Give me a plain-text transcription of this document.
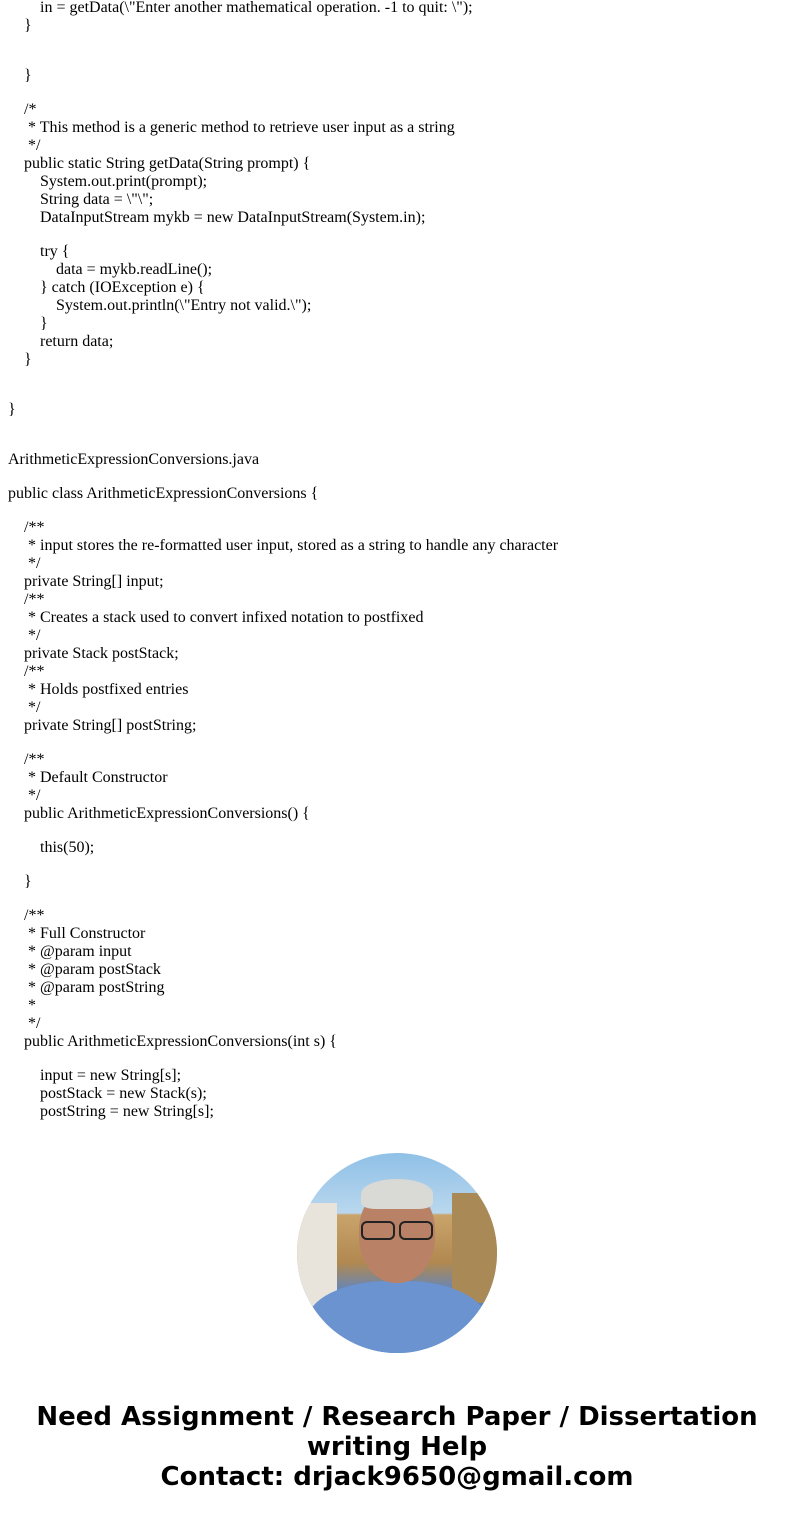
in = getData(\"Enter another mathematical operation. -1 to quit: \");
}
}
/*
* This method is a generic method to retrieve user input as a string
*/
public static String getData(String prompt) {
System.out.print(prompt);
String data = \"\";
DataInputStream mykb = new DataInputStream(System.in);
try {
data = mykb.readLine();
} catch (IOException e) {
System.out.println(\"Entry not valid.\");
}
return data;
}
}
ArithmeticExpressionConversions.java
public class ArithmeticExpressionConversions {
/**
* input stores the re-formatted user input, stored as a string to handle any character
*/
private String[] input;
/**
* Creates a stack used to convert infixed notation to postfixed
*/
private Stack postStack;
/**
* Holds postfixed entries
*/
private String[] postString;
/**
* Default Constructor
*/
public ArithmeticExpressionConversions() {
this(50);
}
/**
* Full Constructor
* @param input
* @param postStack
* @param postString
*
*/
public ArithmeticExpressionConversions(int s) {
input = new String[s];
postStack = new Stack(s);
postString = new String[s];
Need Assignment / Research Paper / Dissertation
writing Help
Contact: drjack9650@gmail.com
